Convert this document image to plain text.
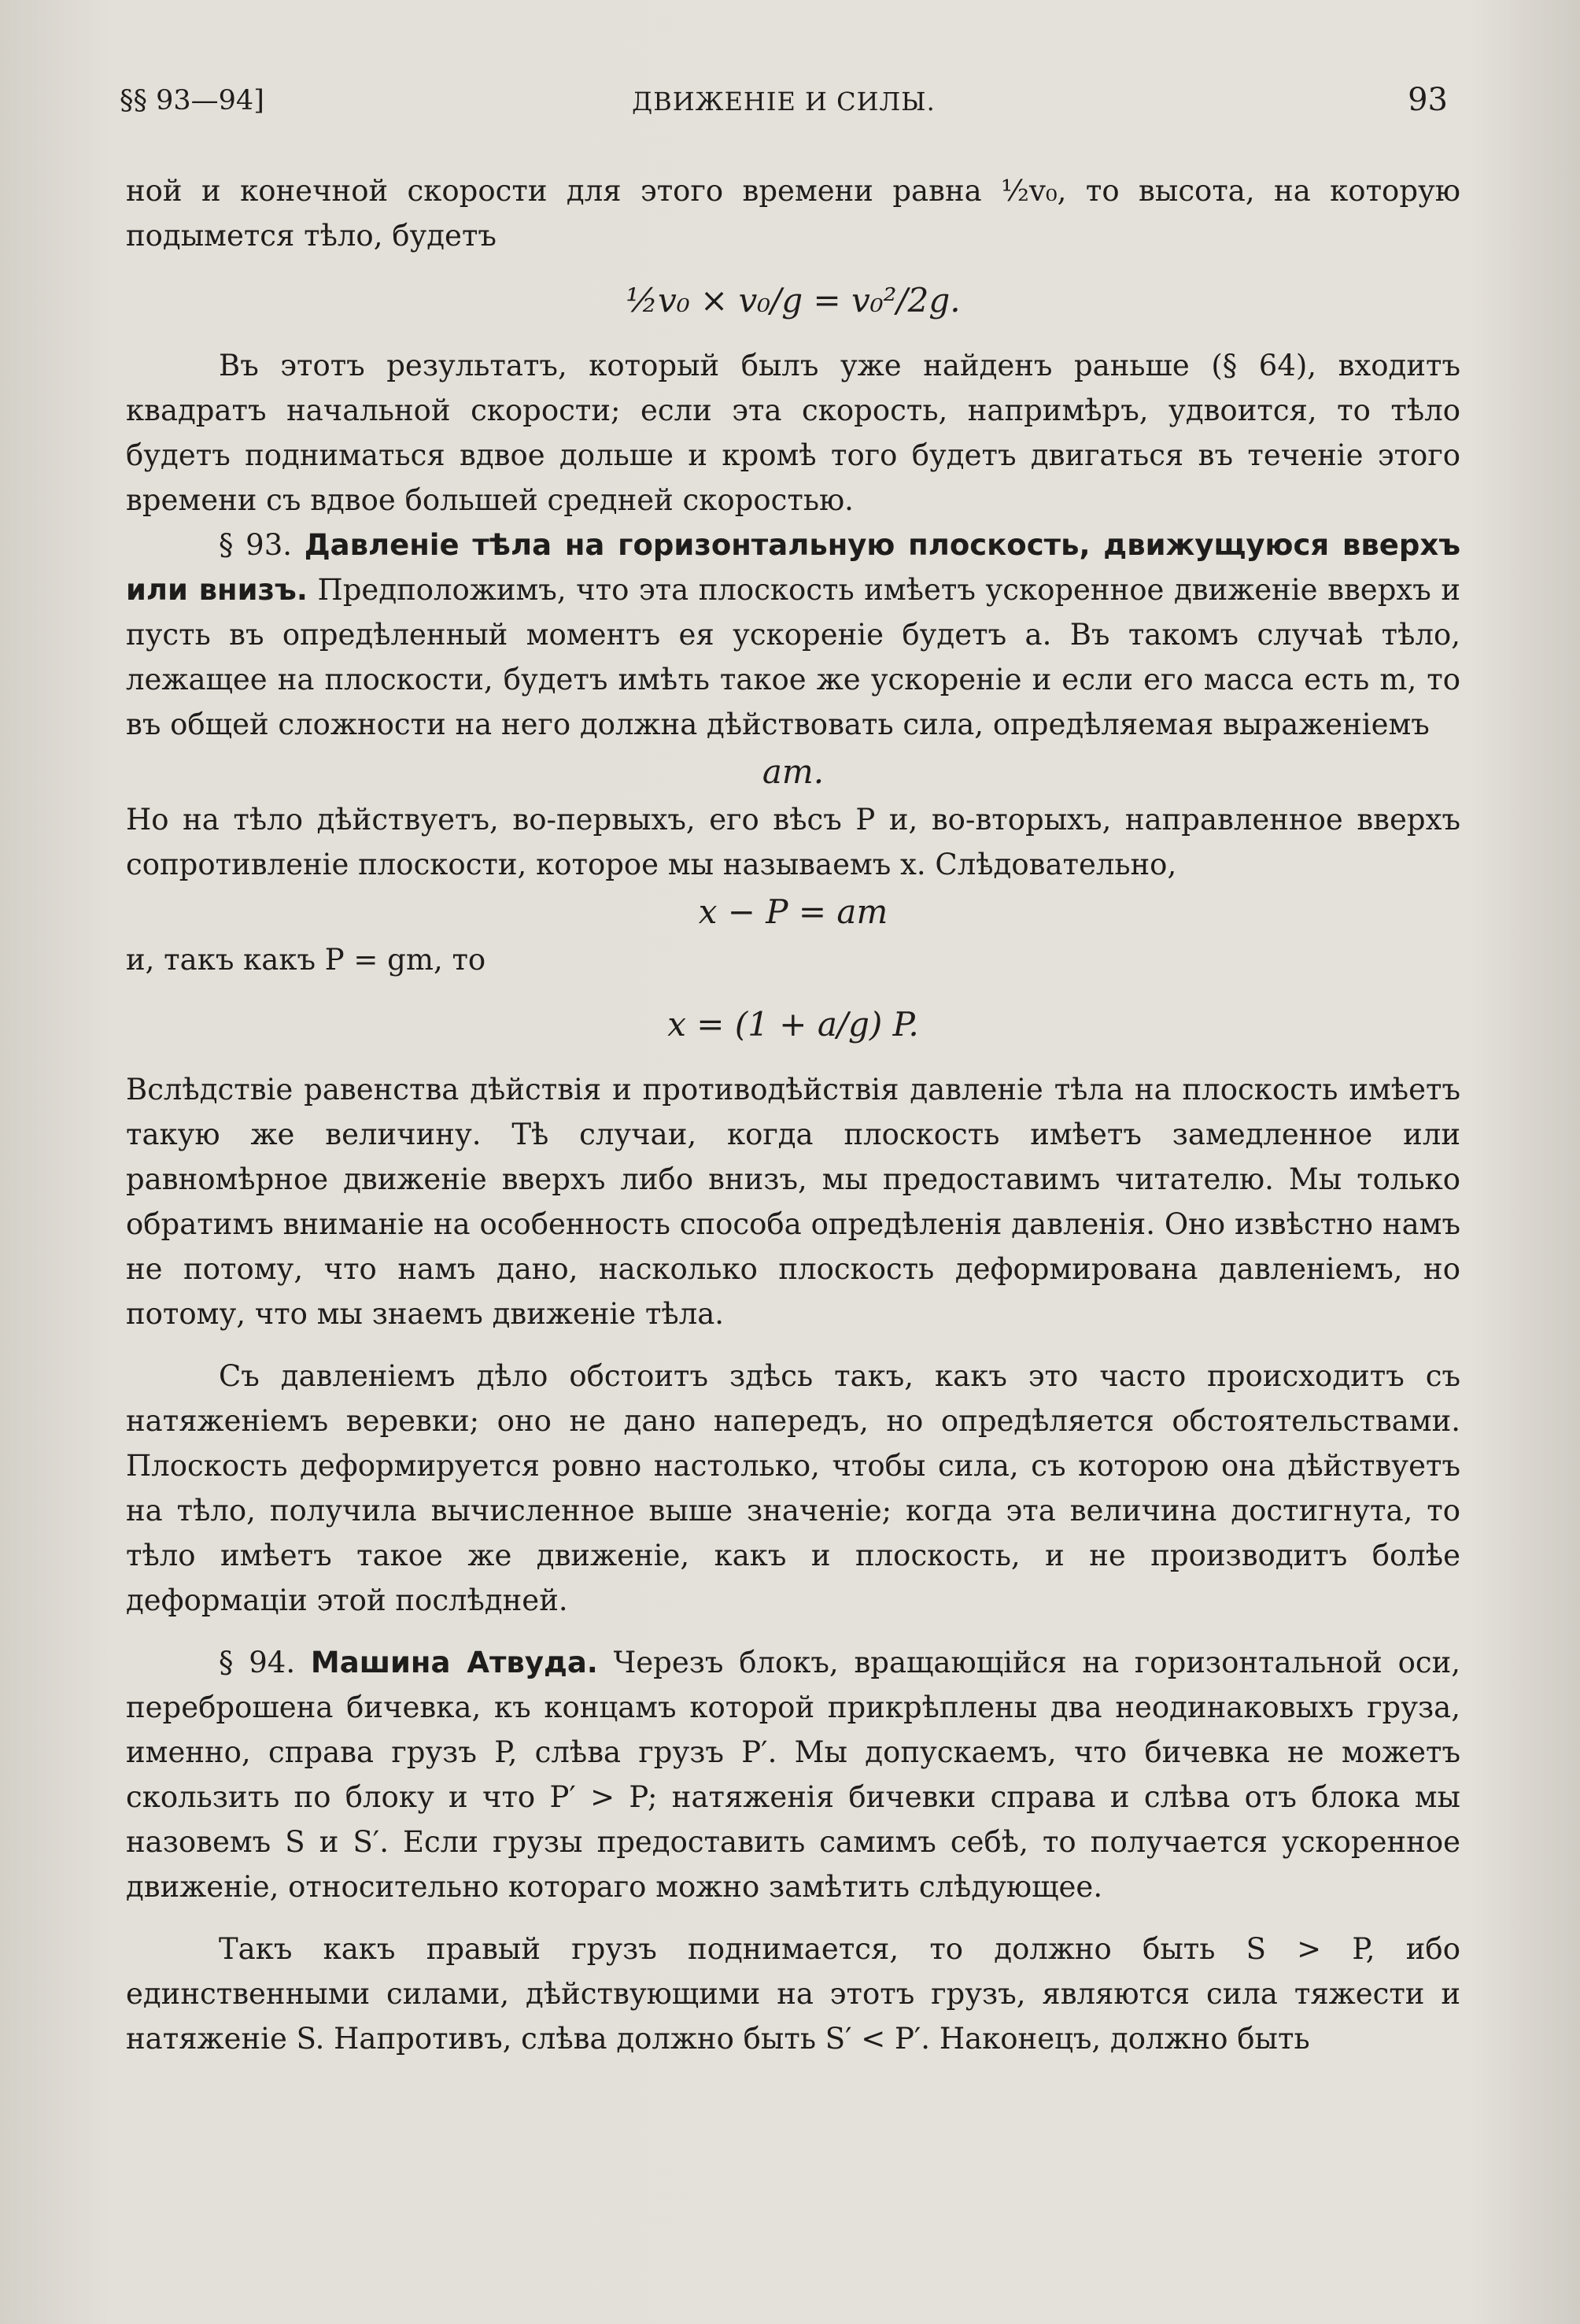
§§ 93—94]	ДВИЖЕНІЕ И СИЛЫ.	93

ной и конечной скорости для этого времени равна ½v₀, то высота, на которую подымется тѣло, будетъ

½v₀ × v₀/g = v₀²/2g.

Въ этотъ результатъ, который былъ уже найденъ раньше (§ 64), входитъ квадратъ начальной скорости; если эта скорость, напримѣръ, удвоится, то тѣло будетъ подниматься вдвое дольше и кромѣ того будетъ двигаться въ теченіе этого времени съ вдвое большей средней скоростью.

§ 93. Давленіе тѣла на горизонтальную плоскость, движущуюся вверхъ или внизъ. Предположимъ, что эта плоскость имѣетъ ускоренное движеніе вверхъ и пусть въ опредѣленный моментъ ея ускореніе будетъ a. Въ такомъ случаѣ тѣло, лежащее на плоскости, будетъ имѣть такое же ускореніе и если его масса есть m, то въ общей сложности на него должна дѣйствовать сила, опредѣляемая выраженіемъ

am.

Но на тѣло дѣйствуетъ, во-первыхъ, его вѣсъ P и, во-вторыхъ, направленное вверхъ сопротивленіе плоскости, которое мы называемъ x. Слѣдовательно,

x − P = am

и, такъ какъ P = gm, то

x = (1 + a/g) P.

Вслѣдствіе равенства дѣйствія и противодѣйствія давленіе тѣла на плоскость имѣетъ такую же величину. Тѣ случаи, когда плоскость имѣетъ замедленное или равномѣрное движеніе вверхъ либо внизъ, мы предоставимъ читателю. Мы только обратимъ вниманіе на особенность способа опредѣленія давленія. Оно извѣстно намъ не потому, что намъ дано, насколько плоскость деформирована давленіемъ, но потому, что мы знаемъ движеніе тѣла.

Съ давленіемъ дѣло обстоитъ здѣсь такъ, какъ это часто происходитъ съ натяженіемъ веревки; оно не дано напередъ, но опредѣляется обстоятельствами. Плоскость деформируется ровно настолько, чтобы сила, съ которою она дѣйствуетъ на тѣло, получила вычисленное выше значеніе; когда эта величина достигнута, то тѣло имѣетъ такое же движеніе, какъ и плоскость, и не производитъ болѣе деформаціи этой послѣдней.

§ 94. Машина Атвуда. Черезъ блокъ, вращающійся на горизонтальной оси, переброшена бичевка, къ концамъ которой прикрѣплены два неодинаковыхъ груза, именно, справа грузъ P, слѣва грузъ P′. Мы допускаемъ, что бичевка не можетъ скользить по блоку и что P′ > P; натяженія бичевки справа и слѣва отъ блока мы назовемъ S и S′. Если грузы предоставить самимъ себѣ, то получается ускоренное движеніе, относительно котораго можно замѣтить слѣдующее.

Такъ какъ правый грузъ поднимается, то должно быть S > P, ибо единственными силами, дѣйствующими на этотъ грузъ, являются сила тяжести и натяженіе S. Напротивъ, слѣва должно быть S′ < P′. Наконецъ, должно быть
